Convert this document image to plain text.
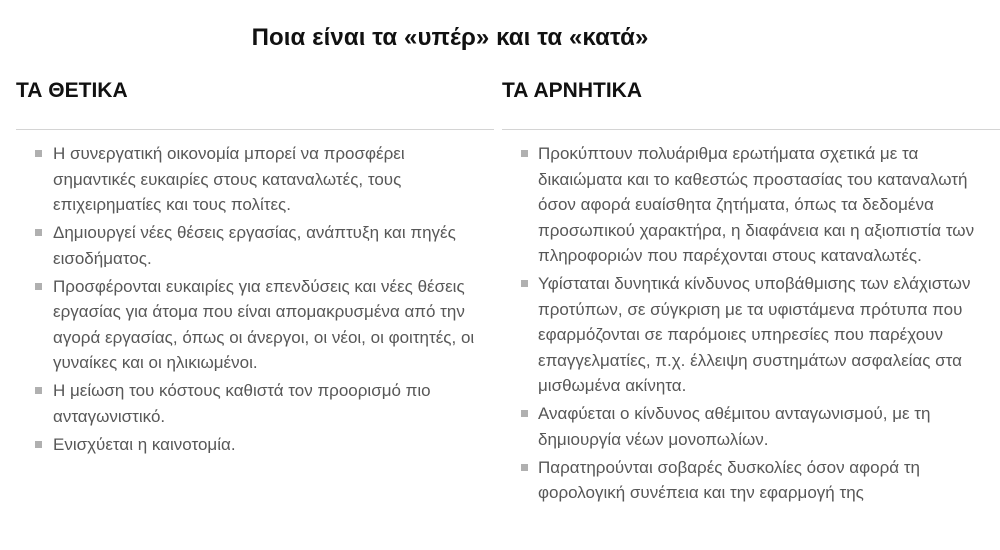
Ποια είναι τα «υπέρ» και τα «κατά»
ΤΑ ΘΕΤΙΚΑ
Η συνεργατική οικονομία μπορεί να προσφέρει σημαντικές ευκαιρίες στους καταναλωτές, τους επιχειρηματίες και τους πολίτες.
Δημιουργεί νέες θέσεις εργασίας, ανάπτυξη και πηγές εισοδήματος.
Προσφέρονται ευκαιρίες για επενδύσεις και νέες θέσεις εργασίας για άτομα που είναι απομακρυσμένα από την αγορά εργασίας, όπως οι άνεργοι, οι νέοι, οι φοιτητές, οι γυναίκες και οι ηλικιωμένοι.
Η μείωση του κόστους καθιστά τον προορισμό πιο ανταγωνιστικό.
Ενισχύεται η καινοτομία.
ΤΑ ΑΡΝΗΤΙΚΑ
Προκύπτουν πολυάριθμα ερωτήματα σχετικά με τα δικαιώματα και το καθεστώς προστασίας του καταναλωτή όσον αφορά ευαίσθητα ζητήματα, όπως τα δεδομένα προσωπικού χαρακτήρα, η διαφάνεια και η αξιοπιστία των πληροφοριών που παρέχονται στους καταναλωτές.
Υφίσταται δυνητικά κίνδυνος υποβάθμισης των ελάχιστων προτύπων, σε σύγκριση με τα υφιστάμενα πρότυπα που εφαρμόζονται σε παρόμοιες υπηρεσίες που παρέχουν επαγγελματίες, π.χ. έλλειψη συστημάτων ασφαλείας στα μισθωμένα ακίνητα.
Αναφύεται ο κίνδυνος αθέμιτου ανταγωνισμού, με τη δημιουργία νέων μονοπωλίων.
Παρατηρούνται σοβαρές δυσκολίες όσον αφορά τη φορολογική συνέπεια και την εφαρμογή της
